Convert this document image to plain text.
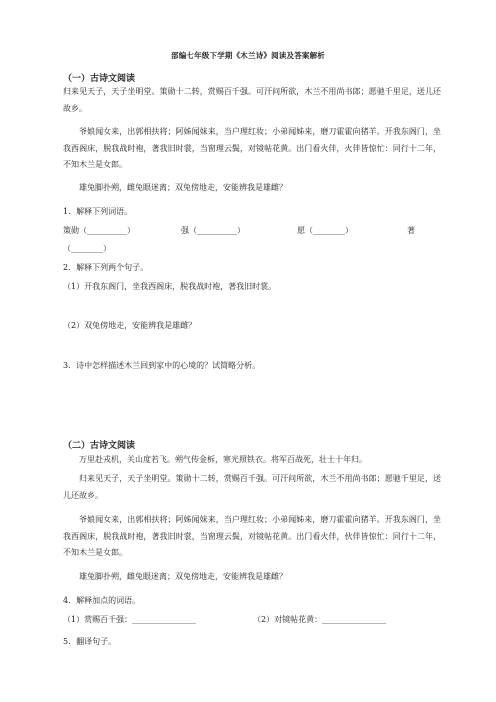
部编七年级下学期《木兰诗》阅读及答案解析
（一）古诗文阅读

归来见天子，天子坐明堂。策勋十二转，赏赐百千强。可汗问所欲，木兰不用尚书郎；愿驰千里足，送儿还故乡。

爷娘闻女来，出郭相扶将；阿姊闻妹来，当户理红妆；小弟闻姊来，磨刀霍霍向猪羊。开我东阁门，坐我西阁床，脱我战时袍，著我旧时裳，当窗理云鬓，对镜帖花黄。出门看火伴，火伴皆惊忙：同行十二年，不知木兰是女郎。

雄兔脚扑朔，雌兔眼迷离；双兔傍地走，安能辨我是雄雌？

1．解释下列词语。
策勋（__________）	强（__________）	愿（________）	著
（________）
2．解释下列两个句子。
（1）开我东阁门，坐我西阁床，脱我战时袍，著我旧时裳。
（2）双兔傍地走，安能辨我是雄雌？
3．诗中怎样描述木兰回到家中的心境的？试简略分析。
（二）古诗文阅读

万里赴戎机，关山度若飞。朔气传金柝，寒光照铁衣。将军百战死，壮士十年归。

归来见天子，天子坐明堂。策勋十二转，赏赐百千强。可汗问所欲，木兰不用尚书郎；愿驰千里足，送儿还故乡。

爷娘闻女来，出郭相扶将；阿姊闻妹来，当户理红妆；小弟闻姊来，磨刀霍霍向猪羊。开我东阁门，坐我西阁床，脱我战时袍，著我旧时裳，当窗理云鬓，对镜帖花黄。出门看火伴，伙伴皆惊忙：同行十二年，不知木兰是女郎。

雄兔脚扑朔，雌兔眼迷离；双兔傍地走，安能辨我是雄雌？

4．解释加点的词语。
（1）赏赐百千强：________________	（2）对镜帖花黄：________________
5．翻译句子。
